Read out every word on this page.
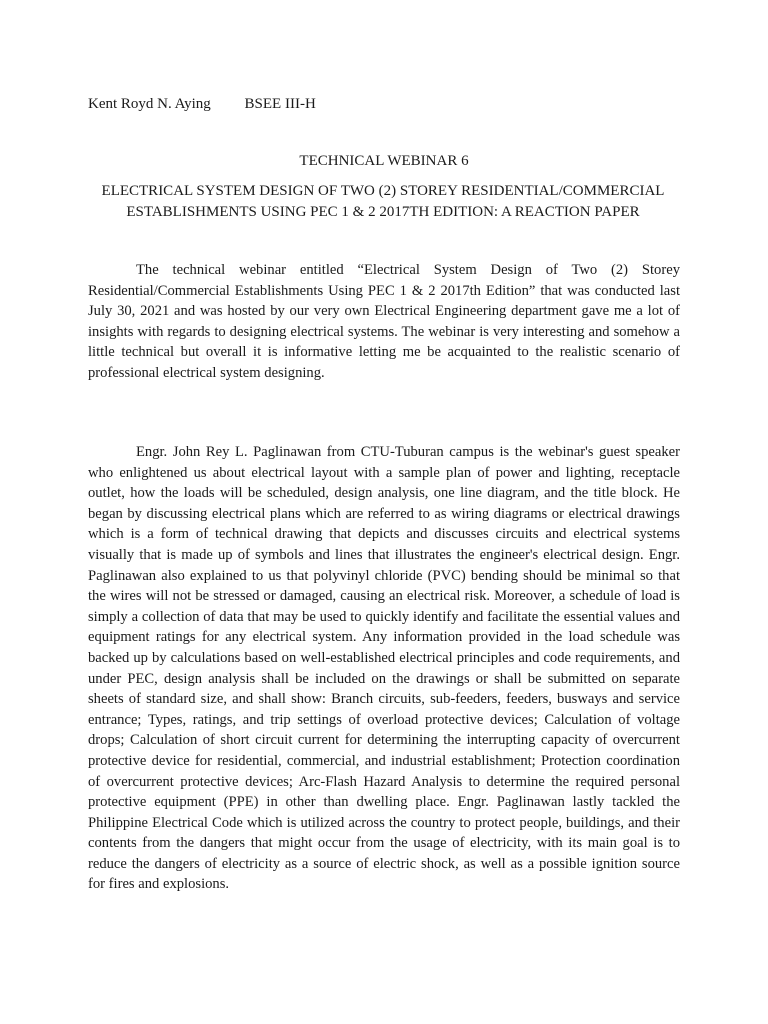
Kent Royd N. Aying BSEE III-H
TECHNICAL WEBINAR 6
ELECTRICAL SYSTEM DESIGN OF TWO (2) STOREY RESIDENTIAL/COMMERCIAL ESTABLISHMENTS USING PEC 1 & 2 2017TH EDITION: A REACTION PAPER

The technical webinar entitled “Electrical System Design of Two (2) Storey Residential/Commercial Establishments Using PEC 1 & 2 2017th Edition” that was conducted last July 30, 2021 and was hosted by our very own Electrical Engineering department gave me a lot of insights with regards to designing electrical systems. The webinar is very interesting and somehow a little technical but overall it is informative letting me be acquainted to the realistic scenario of professional electrical system designing.

Engr. John Rey L. Paglinawan from CTU-Tuburan campus is the webinar's guest speaker who enlightened us about electrical layout with a sample plan of power and lighting, receptacle outlet, how the loads will be scheduled, design analysis, one line diagram, and the title block. He began by discussing electrical plans which are referred to as wiring diagrams or electrical drawings which is a form of technical drawing that depicts and discusses circuits and electrical systems visually that is made up of symbols and lines that illustrates the engineer's electrical design. Engr. Paglinawan also explained to us that polyvinyl chloride (PVC) bending should be minimal so that the wires will not be stressed or damaged, causing an electrical risk. Moreover, a schedule of load is simply a collection of data that may be used to quickly identify and facilitate the essential values and equipment ratings for any electrical system. Any information provided in the load schedule was backed up by calculations based on well-established electrical principles and code requirements, and under PEC, design analysis shall be included on the drawings or shall be submitted on separate sheets of standard size, and shall show: Branch circuits, sub-feeders, feeders, busways and service entrance; Types, ratings, and trip settings of overload protective devices; Calculation of voltage drops; Calculation of short circuit current for determining the interrupting capacity of overcurrent protective device for residential, commercial, and industrial establishment; Protection coordination of overcurrent protective devices; Arc-Flash Hazard Analysis to determine the required personal protective equipment (PPE) in other than dwelling place. Engr. Paglinawan lastly tackled the Philippine Electrical Code which is utilized across the country to protect people, buildings, and their contents from the dangers that might occur from the usage of electricity, with its main goal is to reduce the dangers of electricity as a source of electric shock, as well as a possible ignition source for fires and explosions.
